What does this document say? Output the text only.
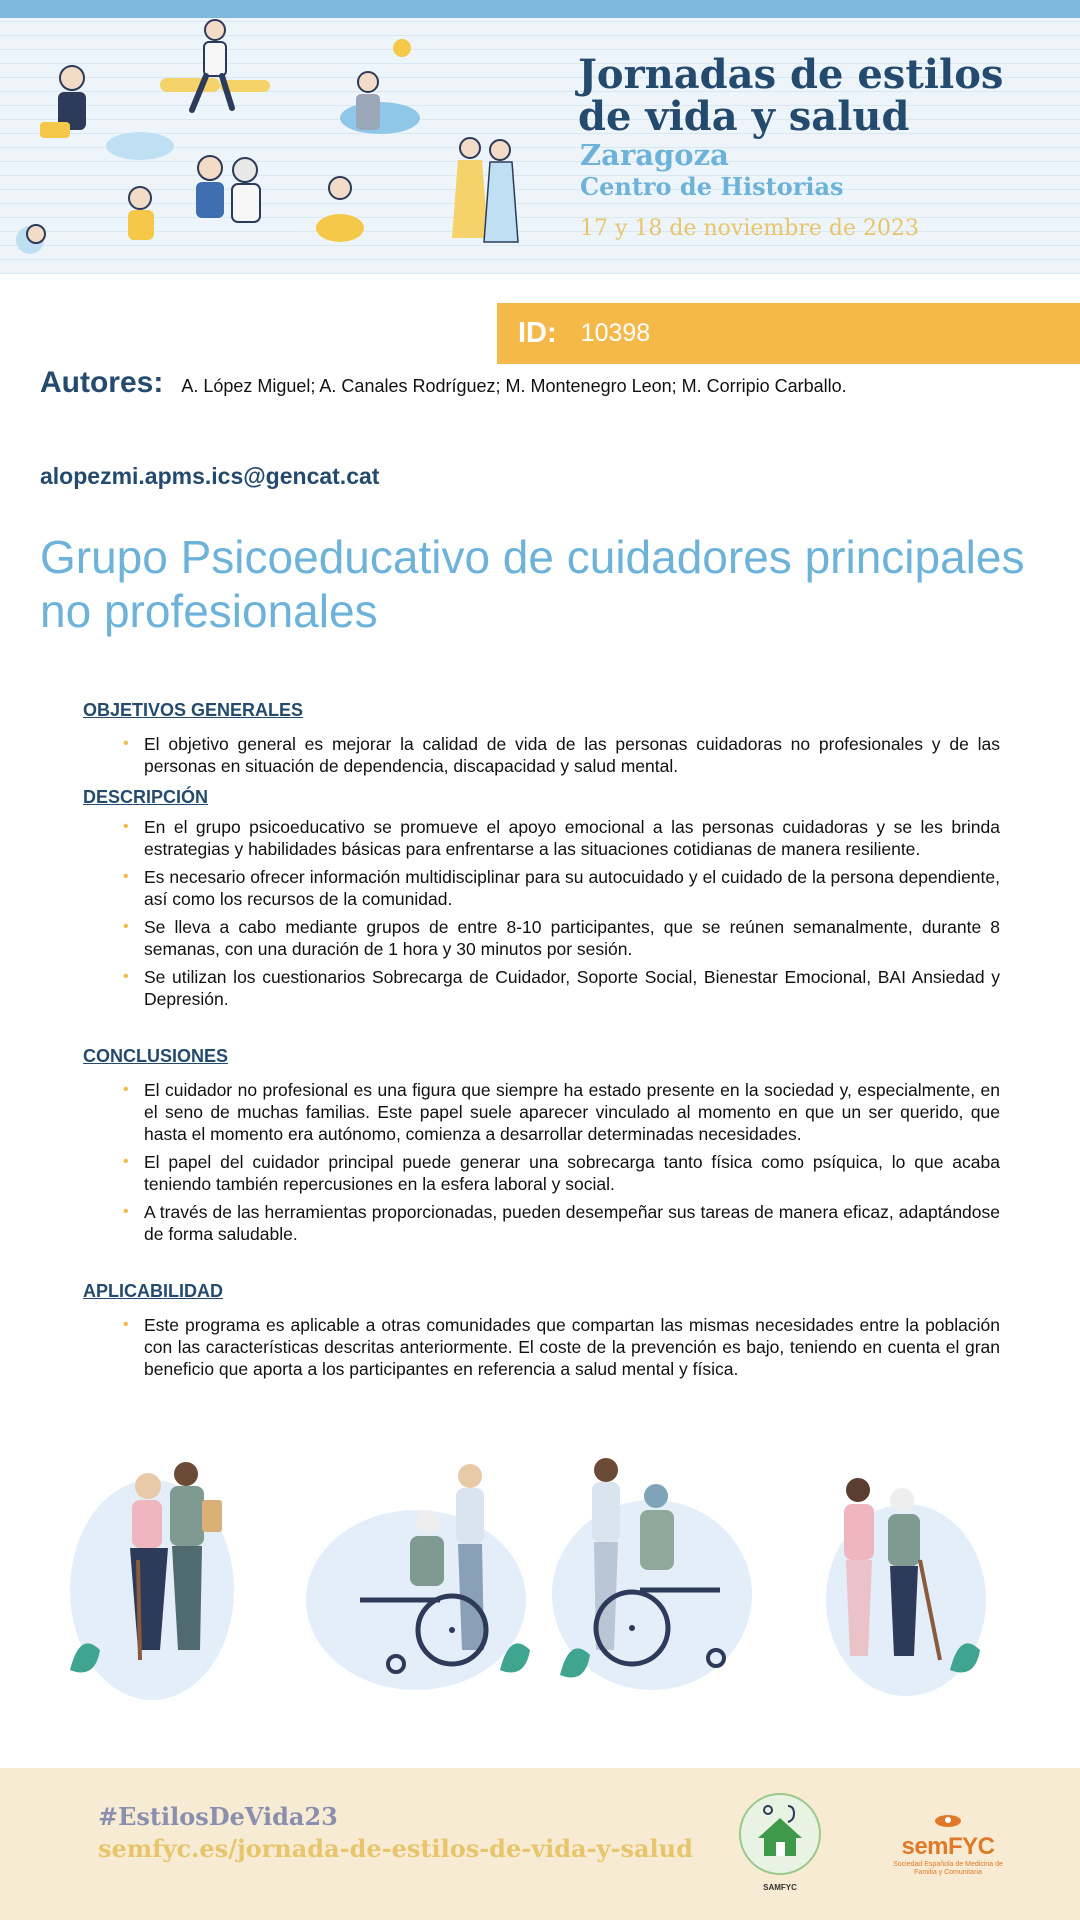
Jornadas de estilos de vida y salud
Zaragoza
Centro de Historias
17 y 18 de noviembre de 2023
ID: 10398
Autores: A. López Miguel; A. Canales Rodríguez; M. Montenegro Leon; M. Corripio Carballo.
alopezmi.apms.ics@gencat.cat
Grupo Psicoeducativo de cuidadores principales no profesionales
OBJETIVOS GENERALES
• El objetivo general es mejorar la calidad de vida de las personas cuidadoras no profesionales y de las personas en situación de dependencia, discapacidad y salud mental.
DESCRIPCIÓN
• En el grupo psicoeducativo se promueve el apoyo emocional a las personas cuidadoras y se les brinda estrategias y habilidades básicas para enfrentarse a las situaciones cotidianas de manera resiliente.
• Es necesario ofrecer información multidisciplinar para su autocuidado y el cuidado de la persona dependiente, así como los recursos de la comunidad.
• Se lleva a cabo mediante grupos de entre 8-10 participantes, que se reúnen semanalmente, durante 8 semanas, con una duración de 1 hora y 30 minutos por sesión.
• Se utilizan los cuestionarios Sobrecarga de Cuidador, Soporte Social, Bienestar Emocional, BAI Ansiedad y Depresión.
CONCLUSIONES
• El cuidador no profesional es una figura que siempre ha estado presente en la sociedad y, especialmente, en el seno de muchas familias. Este papel suele aparecer vinculado al momento en que un ser querido, que hasta el momento era autónomo, comienza a desarrollar determinadas necesidades.
• El papel del cuidador principal puede generar una sobrecarga tanto física como psíquica, lo que acaba teniendo también repercusiones en la esfera laboral y social.
• A través de las herramientas proporcionadas, pueden desempeñar sus tareas de manera eficaz, adaptándose de forma saludable.
APLICABILIDAD
• Este programa es aplicable a otras comunidades que compartan las mismas necesidades entre la población con las características descritas anteriormente. El coste de la prevención es bajo, teniendo en cuenta el gran beneficio que aporta a los participantes en referencia a salud mental y física.
#EstilosDeVida23
semfyc.es/jornada-de-estilos-de-vida-y-salud
SAMFYC
semFYC
Sociedad Española de Medicina de Familia y Comunitaria
